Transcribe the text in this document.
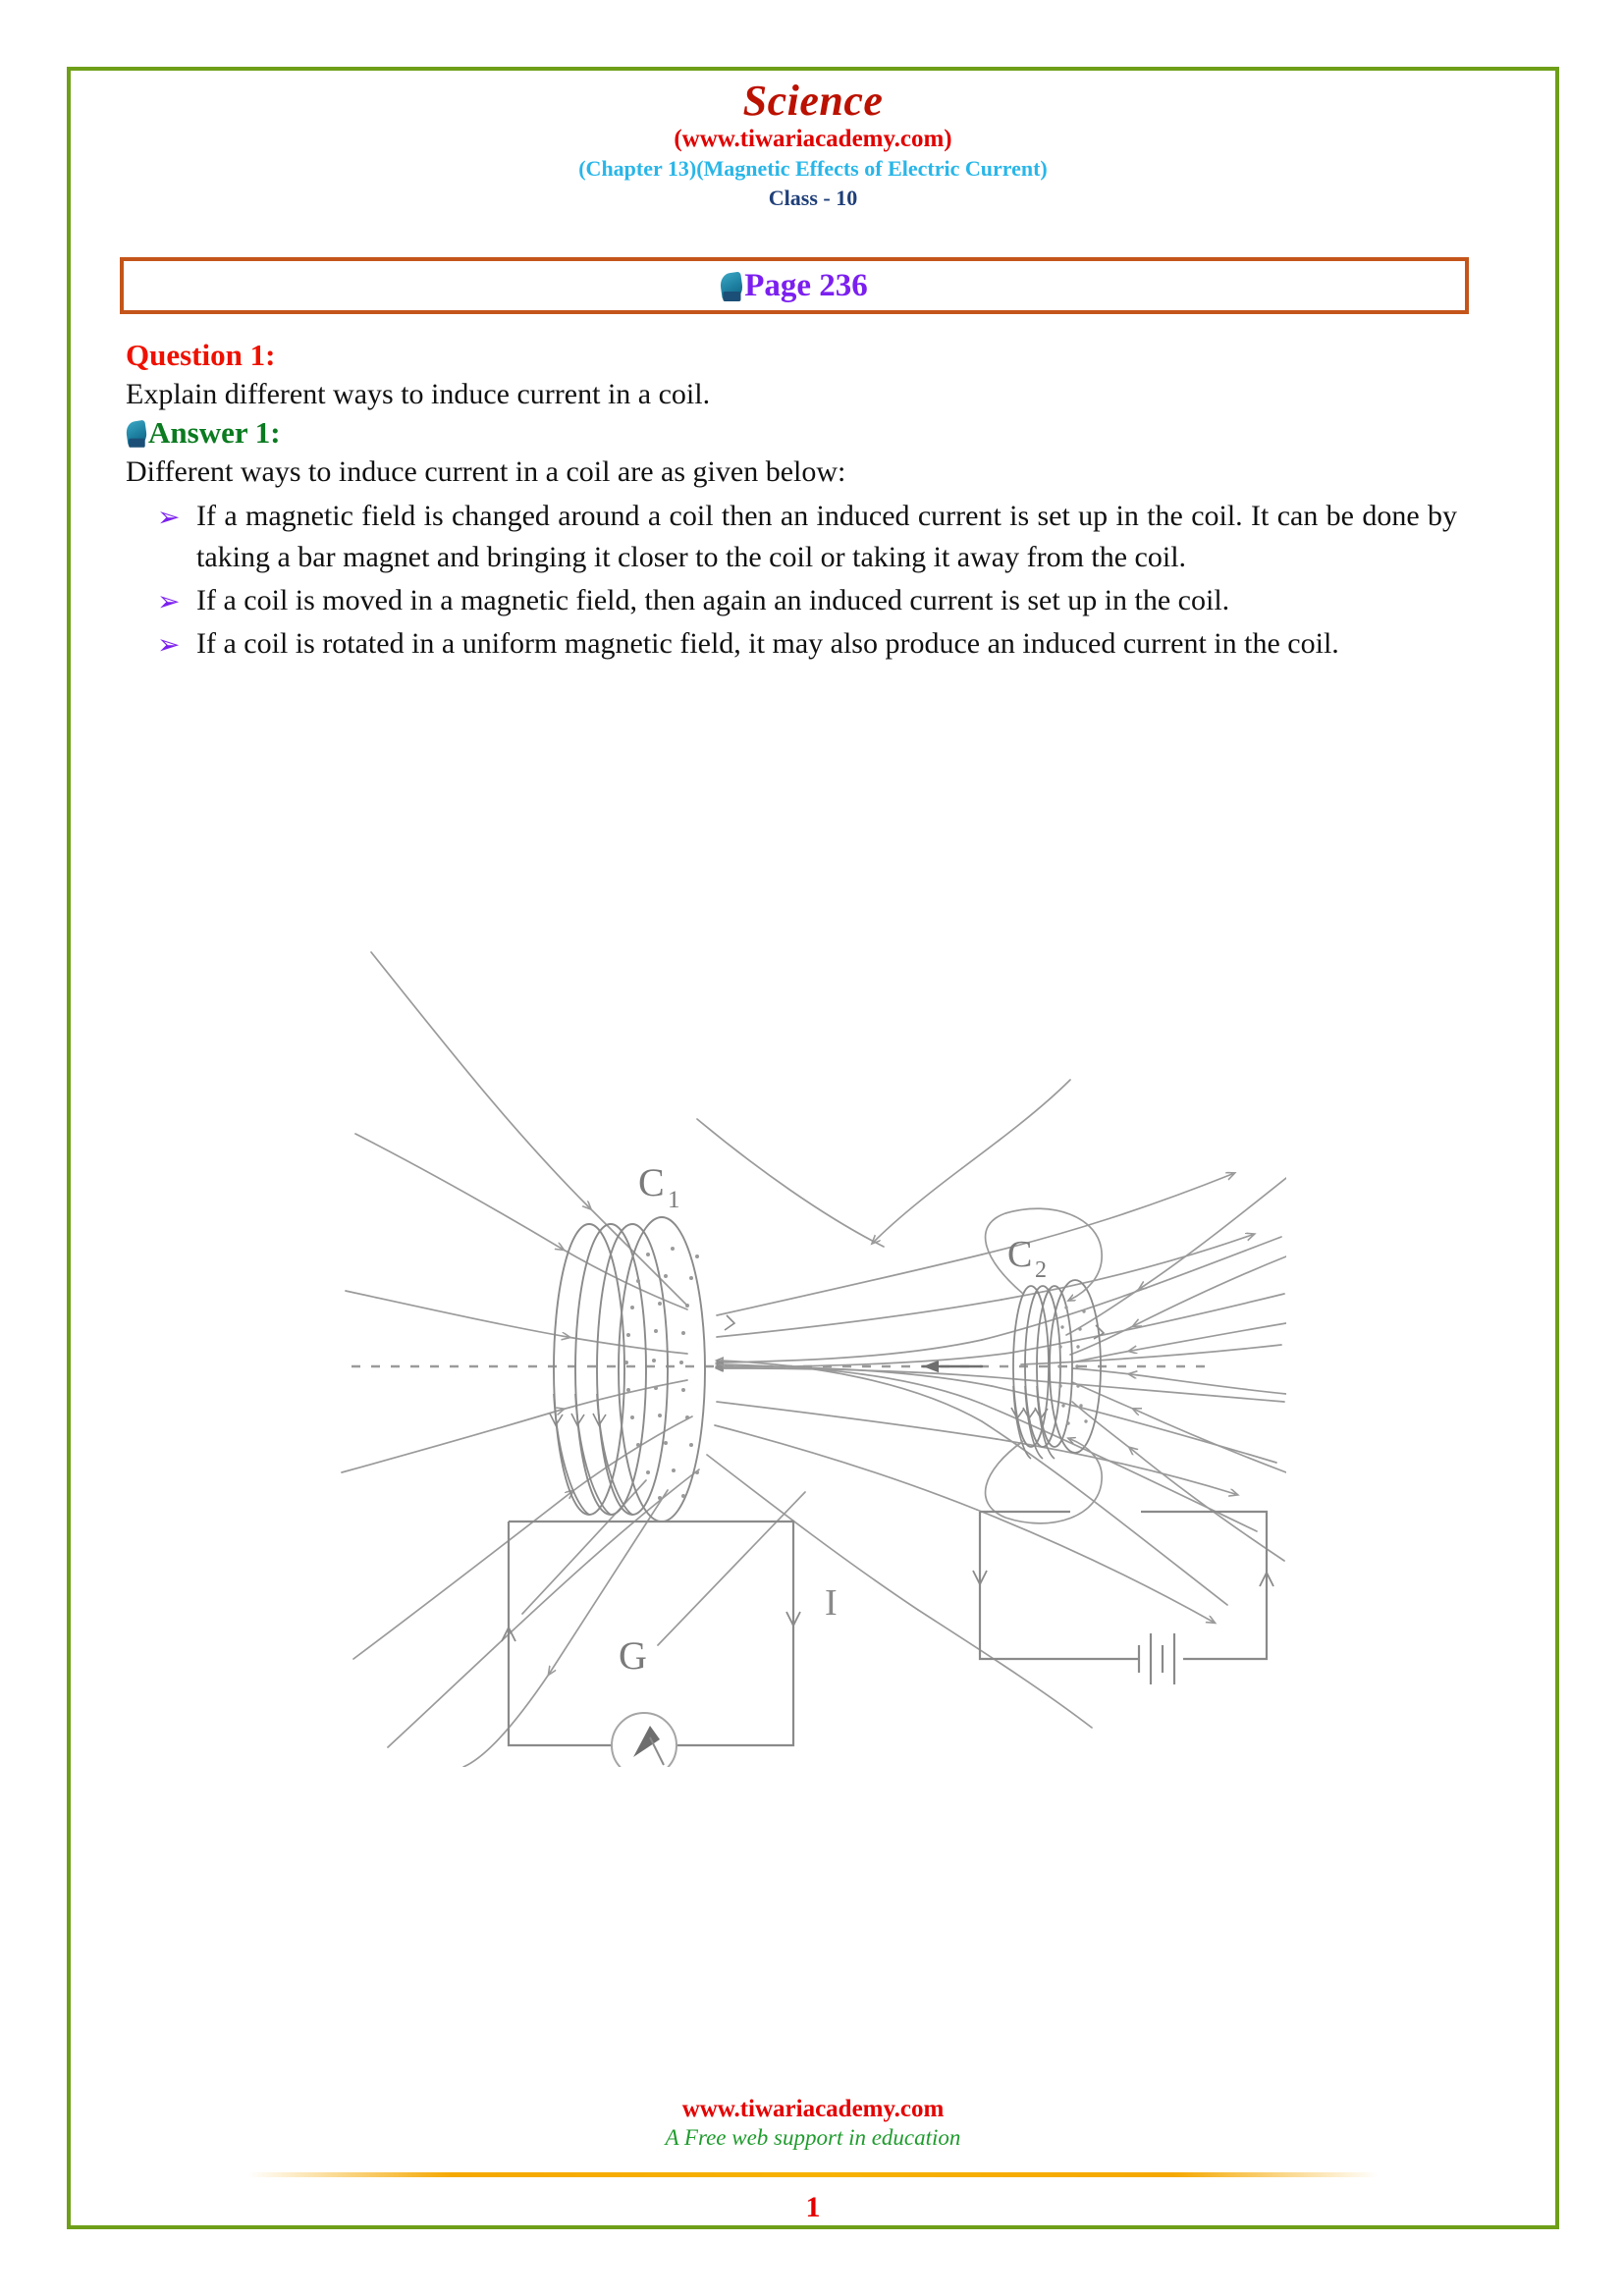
Science
(www.tiwariacademy.com)
(Chapter 13)(Magnetic Effects of Electric Current)
Class - 10
Page 236
Question 1:
Explain different ways to induce current in a coil.
Answer 1:
Different ways to induce current in a coil are as given below:
➢ If a magnetic field is changed around a coil then an induced current is set up in the coil. It can be done by taking a bar magnet and bringing it closer to the coil or taking it away from the coil.
➢ If a coil is moved in a magnetic field, then again an induced current is set up in the coil.
➢ If a coil is rotated in a uniform magnetic field, it may also produce an induced current in the coil.
C 1
C 2
G
I
www.tiwariacademy.com
A Free web support in education
1
